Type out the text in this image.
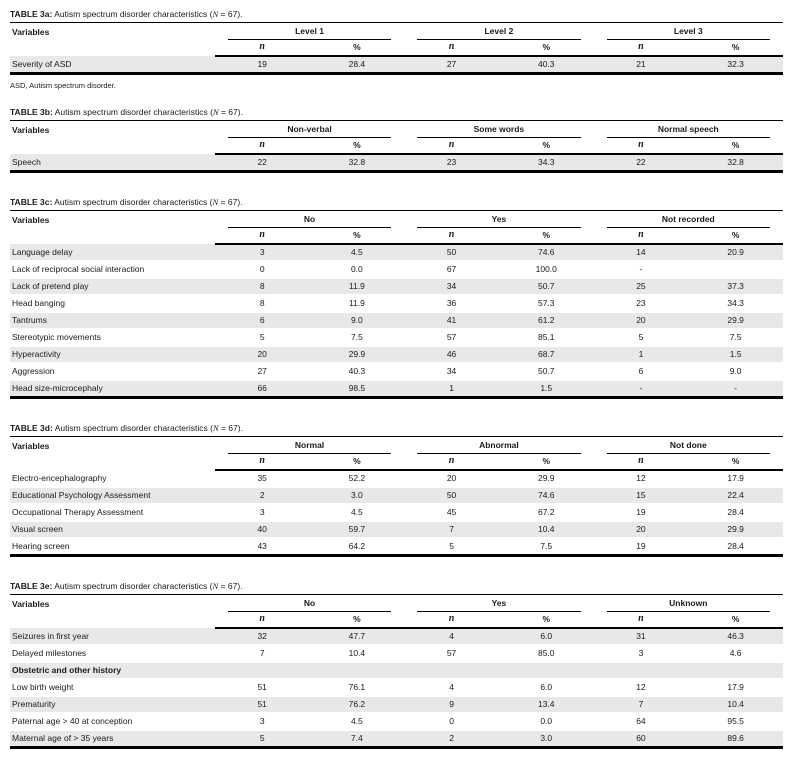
TABLE 3a: Autism spectrum disorder characteristics (N = 67).
Variables	Level 1		Level 2		Level 3	

	n	%	n	%	n	%
Severity of ASD	19	28.4	27	40.3	21	32.3
ASD, Autism spectrum disorder.
TABLE 3b: Autism spectrum disorder characteristics (N = 67).
Variables	Non-verbal		Some words		Normal speech	

	n	%	n	%	n	%
Speech	22	32.8	23	34.3	22	32.8
TABLE 3c: Autism spectrum disorder characteristics (N = 67).
Variables	No		Yes		Not recorded	

	n	%	n	%	n	%
Language delay	3	4.5	50	74.6	14	20.9
Lack of reciprocal social interaction	0	0.0	67	100.0	-	
Lack of pretend play	8	11.9	34	50.7	25	37.3
Head banging	8	11.9	36	57.3	23	34.3
Tantrums	6	9.0	41	61.2	20	29.9
Stereotypic movements	5	7.5	57	85.1	5	7.5
Hyperactivity	20	29.9	46	68.7	1	1.5
Aggression	27	40.3	34	50.7	6	9.0
Head size-microcephaly	66	98.5	1	1.5	-	-
TABLE 3d: Autism spectrum disorder characteristics (N = 67).
Variables	Normal		Abnormal		Not done	

	n	%	n	%	n	%
Electro-encephalography	35	52.2	20	29.9	12	17.9
Educational Psychology Assessment	2	3.0	50	74.6	15	22.4
Occupational Therapy Assessment	3	4.5	45	67.2	19	28.4
Visual screen	40	59.7	7	10.4	20	29.9
Hearing screen	43	64.2	5	7.5	19	28.4
TABLE 3e: Autism spectrum disorder characteristics (N = 67).
Variables	No		Yes		Unknown	

	n	%	n	%	n	%
Seizures in first year	32	47.7	4	6.0	31	46.3
Delayed milestones	7	10.4	57	85.0	3	4.6
Obstetric and other history						
Low birth weight	51	76.1	4	6.0	12	17.9
Prematurity	51	76.2	9	13.4	7	10.4
Paternal age > 40 at conception	3	4.5	0	0.0	64	95.5
Maternal age of > 35 years	5	7.4	2	3.0	60	89.6
